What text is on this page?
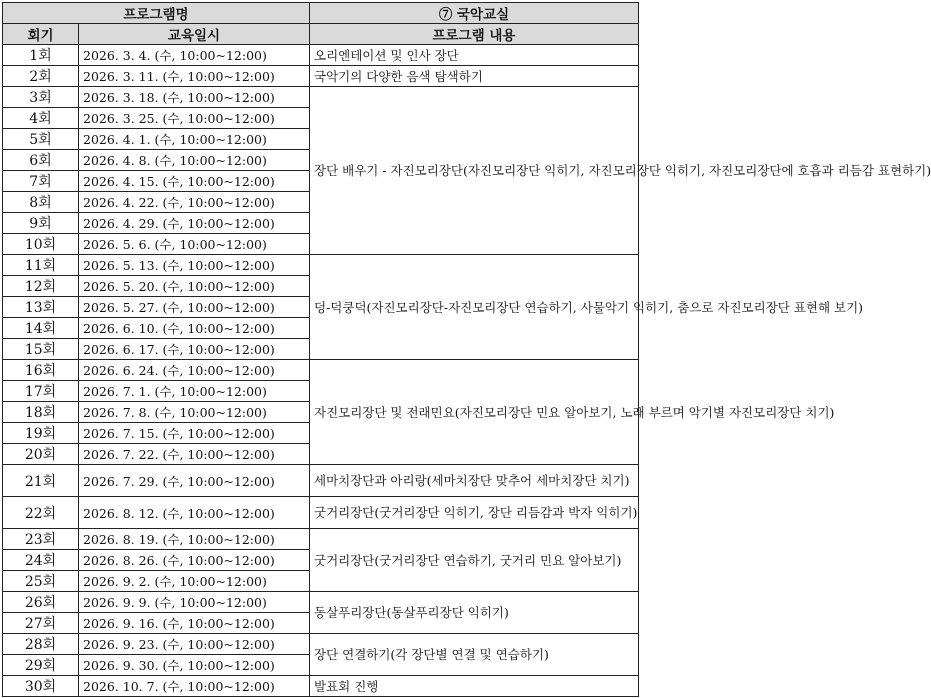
프로그램명		⑦ 국악교실
회기	교육일시	프로그램 내용
1회	2026. 3. 4. (수, 10:00~12:00)	오리엔테이션 및 인사 장단
2회	2026. 3. 11. (수, 10:00~12:00)	국악기의 다양한 음색 탐색하기
3회	2026. 3. 18. (수, 10:00~12:00)	장단 배우기 - 자진모리장단(자진모리장단 익히기, 자진모리장단 익히기, 자진모리장단에 호흡과 리듬감 표현하기)
4회	2026. 3. 25. (수, 10:00~12:00)	
5회	2026. 4. 1. (수, 10:00~12:00)	
6회	2026. 4. 8. (수, 10:00~12:00)	
7회	2026. 4. 15. (수, 10:00~12:00)	
8회	2026. 4. 22. (수, 10:00~12:00)	
9회	2026. 4. 29. (수, 10:00~12:00)	
10회	2026. 5. 6. (수, 10:00~12:00)	
11회	2026. 5. 13. (수, 10:00~12:00)	덩-덕쿵덕(자진모리장단-자진모리장단 연습하기, 사물악기 익히기, 춤으로 자진모리장단 표현해 보기)
12회	2026. 5. 20. (수, 10:00~12:00)	
13회	2026. 5. 27. (수, 10:00~12:00)	
14회	2026. 6. 10. (수, 10:00~12:00)	
15회	2026. 6. 17. (수, 10:00~12:00)	
16회	2026. 6. 24. (수, 10:00~12:00)	자진모리장단 및 전래민요(자진모리장단 민요 알아보기, 노래 부르며 악기별 자진모리장단 치기)
17회	2026. 7. 1. (수, 10:00~12:00)	
18회	2026. 7. 8. (수, 10:00~12:00)	
19회	2026. 7. 15. (수, 10:00~12:00)	
20회	2026. 7. 22. (수, 10:00~12:00)	
21회	2026. 7. 29. (수, 10:00~12:00)	세마치장단과 아리랑(세마치장단 맞추어 세마치장단 치기)
22회	2026. 8. 12. (수, 10:00~12:00)	굿거리장단(굿거리장단 익히기, 장단 리듬감과 박자 익히기)
23회	2026. 8. 19. (수, 10:00~12:00)	굿거리장단(굿거리장단 연습하기, 굿거리 민요 알아보기)
24회	2026. 8. 26. (수, 10:00~12:00)	
25회	2026. 9. 2. (수, 10:00~12:00)	
26회	2026. 9. 9. (수, 10:00~12:00)	동살푸리장단(동살푸리장단 익히기)
27회	2026. 9. 16. (수, 10:00~12:00)	
28회	2026. 9. 23. (수, 10:00~12:00)	장단 연결하기(각 장단별 연결 및 연습하기)
29회	2026. 9. 30. (수, 10:00~12:00)	
30회	2026. 10. 7. (수, 10:00~12:00)	발표회 진행
